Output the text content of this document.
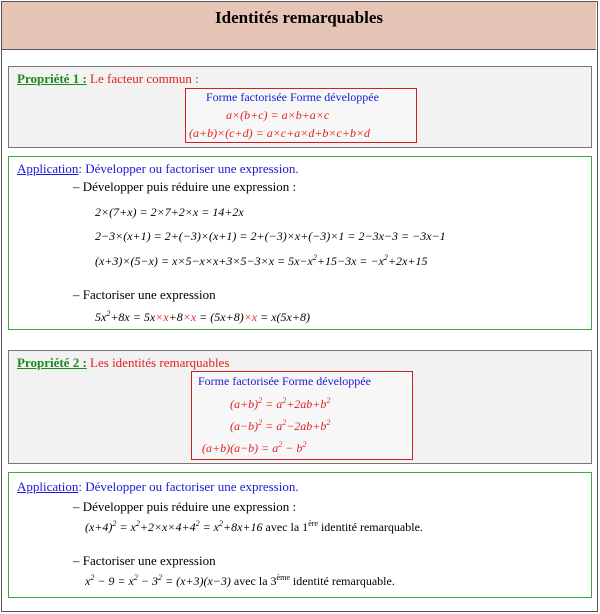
Identités remarquables
Propriété 1 : Le facteur commun :
Forme factorisée Forme développée
a×(b+c) = a×b+a×c
(a+b)×(c+d) = a×c+a×d+b×c+b×d
Application: Développer ou factoriser une expression.
– Développer puis réduire une expression :
2×(7+x) = 2×7+2×x = 14+2x
2−3×(x+1) = 2+(−3)×(x+1) = 2+(−3)×x+(−3)×1 = 2−3x−3 = −3x−1
$(x+3)\times(5-x) = x\times 5-x\times x+3\times 5-3\times x = 5x-x^2+15-3x = -x^2+2x+15$
– Factoriser une expression
$5x^2+8x = 5x\times x+8\times x = (5x+8)\times x = x(5x+8)$
Propriété 2 : Les identités remarquables
Forme factorisée Forme développée
$(a+b)^2 = a^2+2ab+b^2$
$(a-b)^2 = a^2-2ab+b^2$
$(a+b)(a-b) = a^2 - b^2$
Application: Développer ou factoriser une expression.
– Développer puis réduire une expression :
$(x+4)^2 = x^2+2\times x\times 4+4^2 = x^2+8x+16$ avec la 1ère identité remarquable.
– Factoriser une expression
$x^2 - 9 = x^2 - 3^2 = (x+3)(x-3)$ avec la 3ème identité remarquable.
